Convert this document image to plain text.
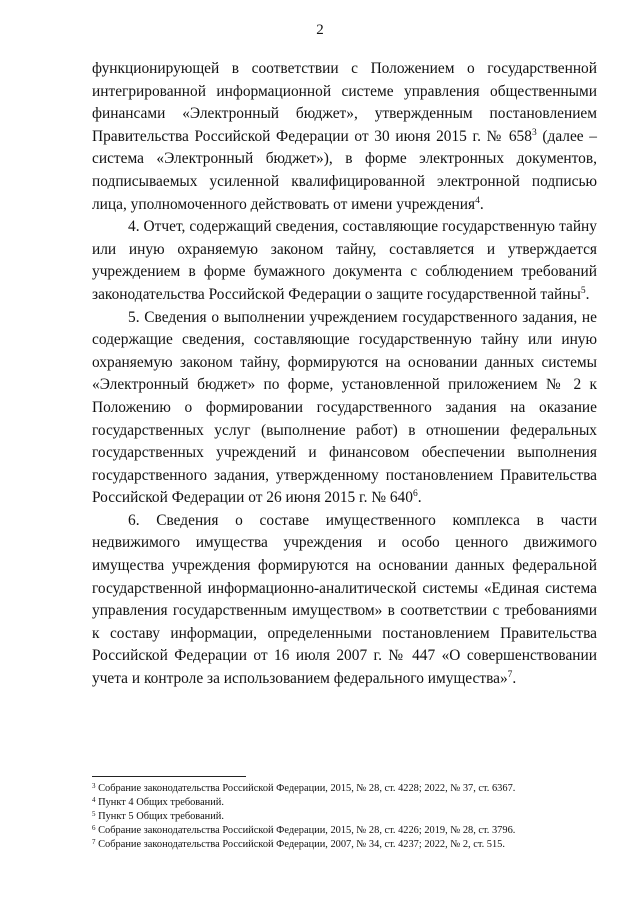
2

функционирующей в соответствии с Положением о государственной интегрированной информационной системе управления общественными финансами «Электронный бюджет», утвержденным постановлением Правительства Российской Федерации от 30 июня 2015 г. № $658^3$ (далее – система «Электронный бюджет»), в форме электронных документов, подписываемых усиленной квалифицированной электронной подписью лица, уполномоченного действовать от имени учреждения$^4$.

4. Отчет, содержащий сведения, составляющие государственную тайну или иную охраняемую законом тайну, составляется и утверждается учреждением в форме бумажного документа с соблюдением требований законодательства Российской Федерации о защите государственной тайны$^5$.

5. Сведения о выполнении учреждением государственного задания, не содержащие сведения, составляющие государственную тайну или иную охраняемую законом тайну, формируются на основании данных системы «Электронный бюджет» по форме, установленной приложением № 2 к Положению о формировании государственного задания на оказание государственных услуг (выполнение работ) в отношении федеральных государственных учреждений и финансовом обеспечении выполнения государственного задания, утвержденному постановлением Правительства Российской Федерации от 26 июня 2015 г. № $640^6$.

6. Сведения о составе имущественного комплекса в части недвижимого имущества учреждения и особо ценного движимого имущества учреждения формируются на основании данных федеральной государственной информационно-аналитической системы «Единая система управления государственным имуществом» в соответствии с требованиями к составу информации, определенными постановлением Правительства Российской Федерации от 16 июля 2007 г. № 447 «О совершенствовании учета и контроле за использованием федерального имущества»$^7$.

$^3$ Собрание законодательства Российской Федерации, 2015, № 28, ст. 4228; 2022, № 37, ст. 6367.

$^4$ Пункт 4 Общих требований.

$^5$ Пункт 5 Общих требований.

$^6$ Собрание законодательства Российской Федерации, 2015, № 28, ст. 4226; 2019, № 28, ст. 3796.

$^7$ Собрание законодательства Российской Федерации, 2007, № 34, ст. 4237; 2022, № 2, ст. 515.
